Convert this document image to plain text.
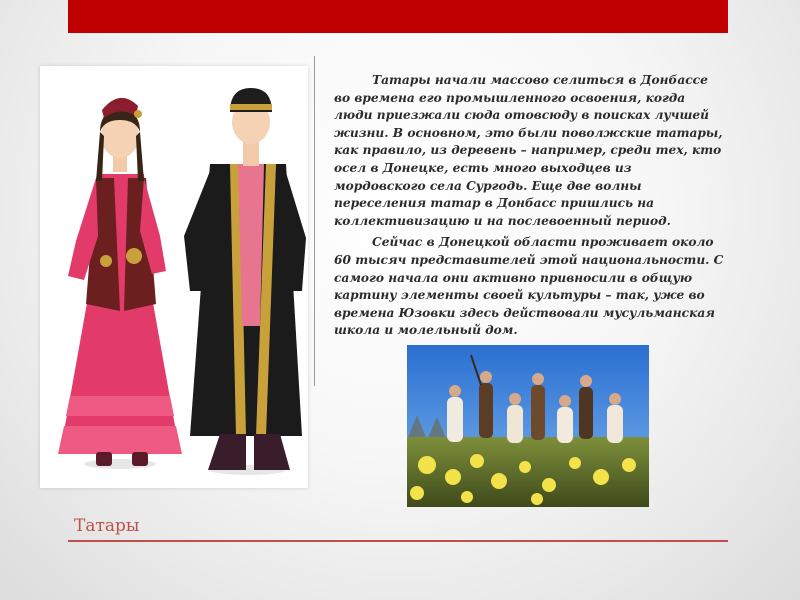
Татары начали массово селиться в Донбассе во времена его промышленного освоения, когда люди приезжали сюда отовсюду в поисках лучшей жизни. В основном, это были поволжские татары, как правило, из деревень – например, среди тех, кто осел в Донецке, есть много выходцев из мордовского села Сургодь. Еще две волны переселения татар в Донбасс пришлись на коллективизацию и на послевоенный период.

Сейчас в Донецкой области проживает около 60 тысяч представителей этой национальности. С самого начала они активно привносили в общую картину элементы своей культуры – так, уже во времена Юзовки здесь действовали мусульманская школа и молельный дом.

Татары
